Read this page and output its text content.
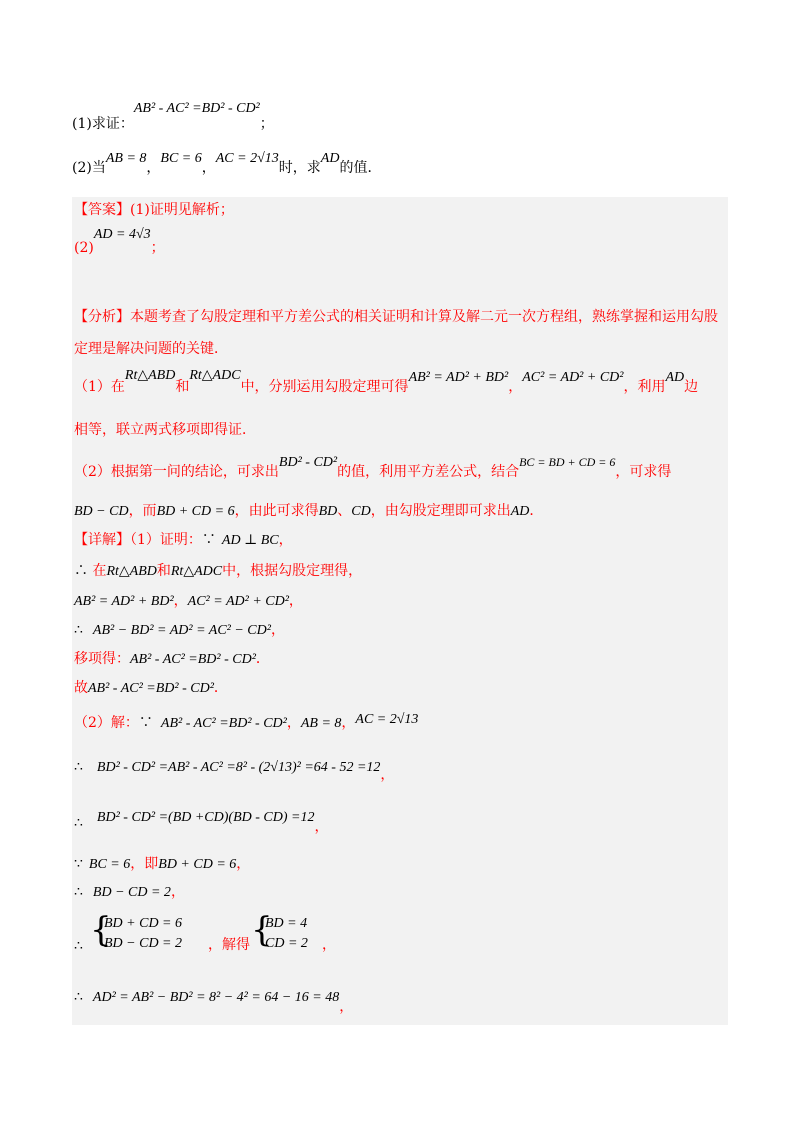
(1)求证：AB² - AC² =BD² - CD²；
(2)当AB = 8，BC = 6，AC = 2√13时，求AD的值．
【答案】(1)证明见解析；
(2)AD = 4√3；
【分析】本题考查了勾股定理和平方差公式的相关证明和计算及解二元一次方程组，熟练掌握和运用勾股
定理是解决问题的关键．
（1）在Rt△ABD和Rt△ADC中，分别运用勾股定理可得AB² = AD² + BD²，AC² = AD² + CD²，利用AD边
相等，联立两式移项即得证．
（2）根据第一问的结论，可求出BD² - CD²的值，利用平方差公式，结合BC = BD + CD = 6，可求得
BD − CD，而BD + CD = 6，由此可求得BD、CD，由勾股定理即可求出AD．
【详解】（1）证明：∵ AD ⊥ BC，
∴ 在Rt△ABD和Rt△ADC中，根据勾股定理得，
AB² = AD² + BD²，AC² = AD² + CD²，
∴ AB² − BD² = AD² = AC² − CD²，
移项得：AB² - AC² =BD² - CD²．
故AB² - AC² =BD² - CD²．
（2）解：∵ AB² - AC² =BD² - CD²，AB = 8，AC = 2√13
∴ BD² - CD² =AB² - AC² =8² - (2√13)² =64 - 52 =12，
∴ BD² - CD² =(BD +CD)(BD - CD) =12，
∵ BC = 6，即BD + CD = 6，
∴ BD − CD = 2，
∴ {
BD + CD = 6
BD − CD = 2 ，解得 {
BD = 4
CD = 2 ，
∴ AD² = AB² − BD² = 8² − 4² = 64 − 16 = 48，
